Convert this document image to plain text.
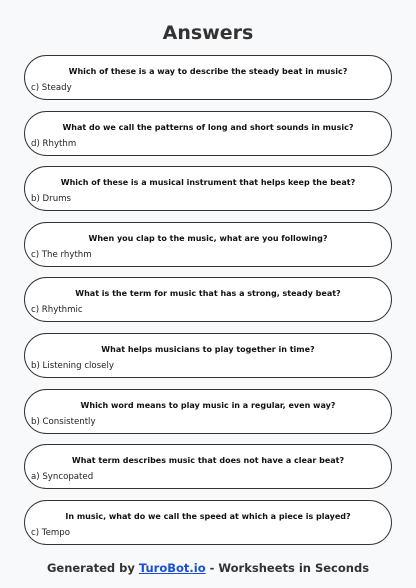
Answers
Which of these is a way to describe the steady beat in music?
c) Steady
What do we call the patterns of long and short sounds in music?
d) Rhythm
Which of these is a musical instrument that helps keep the beat?
b) Drums
When you clap to the music, what are you following?
c) The rhythm
What is the term for music that has a strong, steady beat?
c) Rhythmic
What helps musicians to play together in time?
b) Listening closely
Which word means to play music in a regular, even way?
b) Consistently
What term describes music that does not have a clear beat?
a) Syncopated
In music, what do we call the speed at which a piece is played?
c) Tempo
Generated by TuroBot.io - Worksheets in Seconds
